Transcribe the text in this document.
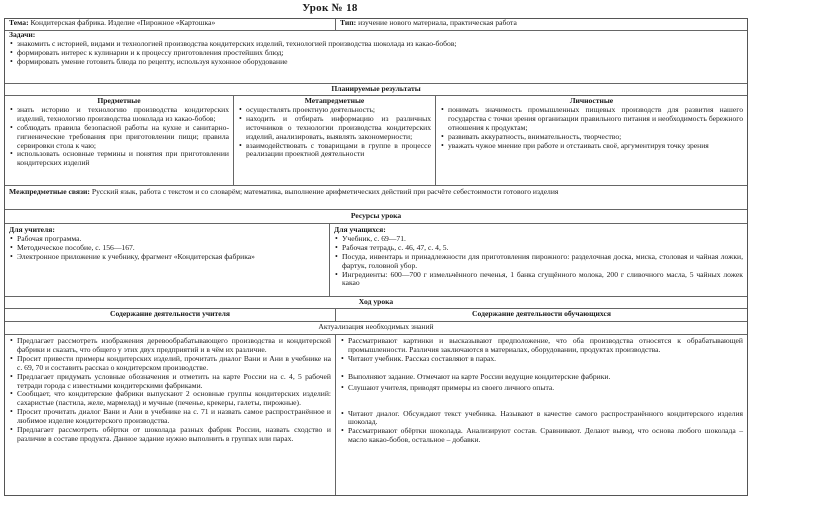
Урок № 18
Тема: Кондитерская фабрика. Изделие «Пирожное «Картошка»	Тип: изучение нового материала, практическая работа
Задачи:
• знакомить с историей, видами и технологией производства кондитерских изделий, технологией производства шоколада из какао-бобов;
• формировать интерес к кулинарии и к процессу приготовления простейших блюд;
• формировать умение готовить блюда по рецепту, используя кухонное оборудование
Планируемые результаты
Предметные
• знать историю и технологию производства кондитерских изделий, технологию производства шоколада из какао-бобов;
• соблюдать правила безопасной работы на кухне и санитарно-гигиенические требования при приготовлении пищи; правила сервировки стола к чаю;
• использовать основные термины и понятия при приготовлении кондитерских изделий
Метапредметные
• осуществлять проектную деятельность;
• находить и отбирать информацию из различных источников о технологии производства кондитерских изделий, анализировать, выявлять закономерности;
• взаимодействовать с товарищами в группе в процессе реализации проектной деятельности
Личностные
• понимать значимость промышленных пищевых производств для развития нашего государства с точки зрения организации правильного питания и необходимость бережного отношения к продуктам;
• развивать аккуратность, внимательность, творчество;
• уважать чужое мнение при работе и отстаивать своё, аргументируя точку зрения
Межпредметные связи: Русский язык, работа с текстом и со словарём; математика, выполнение арифметических действий при расчёте себестоимости готового изделия
Ресурсы урока
Для учителя:
• Рабочая программа.
• Методическое пособие, с. 156—167.
• Электронное приложение к учебнику, фрагмент «Кондитерская фабрика»
Для учащихся:
• Учебник, с. 69—71.
• Рабочая тетрадь, с. 46, 47, с. 4, 5.
• Посуда, инвентарь и принадлежности для приготовления пирожного: разделочная доска, миска, столовая и чайная ложки, фартук, головной убор.
• Ингредиенты: 600—700 г измельчённого печенья, 1 банка сгущённого молока, 200 г сливочного масла, 5 чайных ложек какао
Ход урока
Содержание деятельности учителя	Содержание деятельности обучающихся
Актуализация необходимых знаний
• Предлагает рассмотреть изображения деревообрабатывающего производства и кондитерской фабрики и сказать, что общего у этих двух предприятий и в чём их различие.
• Просит привести примеры кондитерских изделий, прочитать диалог Вани и Ани в учебнике на с. 69, 70 и составить рассказ о кондитерском производстве.
• Предлагает придумать условные обозначения и отметить на карте России на с. 4, 5 рабочей тетради города с известными кондитерскими фабриками.
• Сообщает, что кондитерские фабрики выпускают 2 основные группы кондитерских изделий: сахаристые (пастила, желе, мармелад) и мучные (печенье, крекеры, галеты, пирожные).
• Просит прочитать диалог Вани и Ани в учебнике на с. 71 и назвать самое распространённое и любимое изделие кондитерского производства.
• Предлагает рассмотреть обёртки от шоколада разных фабрик России, назвать сходство и различие в составе продукта. Данное задание нужно выполнить в группах или парах.
• Рассматривают картинки и высказывают предположение, что оба производства относятся к обрабатывающей промышленности. Различия заключаются в материалах, оборудовании, продуктах производства.
• Читают учебник. Рассказ составляют в парах.
• Выполняют задание. Отмечают на карте России ведущие кондитерские фабрики.
• Слушают учителя, приводят примеры из своего личного опыта.
• Читают диалог. Обсуждают текст учебника. Называют в качестве самого распространённого кондитерского изделия шоколад.
• Рассматривают обёртки шоколада. Анализируют состав. Сравнивают. Делают вывод, что основа любого шоколада – масло какао-бобов, остальное – добавки.
